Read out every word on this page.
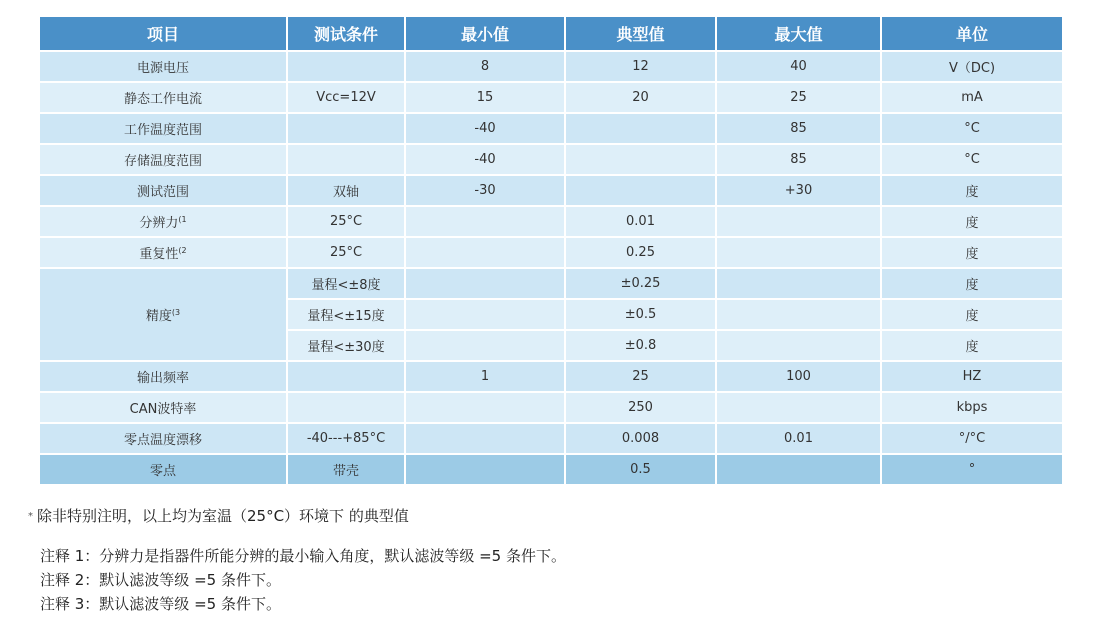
项目	测试条件	最小值	典型值	最大值	单位
电源电压		8	12	40	V（DC)
静态工作电流	Vcc=12V	15	20	25	mA
工作温度范围		-40		85	°C
存储温度范围		-40		85	°C
测试范围	双轴	-30		+30	度
分辨力$^{(1}$	25°C		0.01		度
重复性$^{(2}$	25°C		0.25		度
精度$^{(3}$	量程<±8度		±0.25		度
	量程<±15度		±0.5		度
	量程<±30度		±0.8		度
输出频率		1	25	100	HZ
CAN波特率			250		kbps
零点温度漂移	-40---+85°C		0.008	0.01	°/°C
零点	带壳		0.5		°
* 除非特别注明，以上均为室温（25°C）环境下 的典型值
注释 1：分辨力是指器件所能分辨的最小输入角度，默认滤波等级 =5 条件下。
注释 2：默认滤波等级 =5 条件下。
注释 3：默认滤波等级 =5 条件下。
